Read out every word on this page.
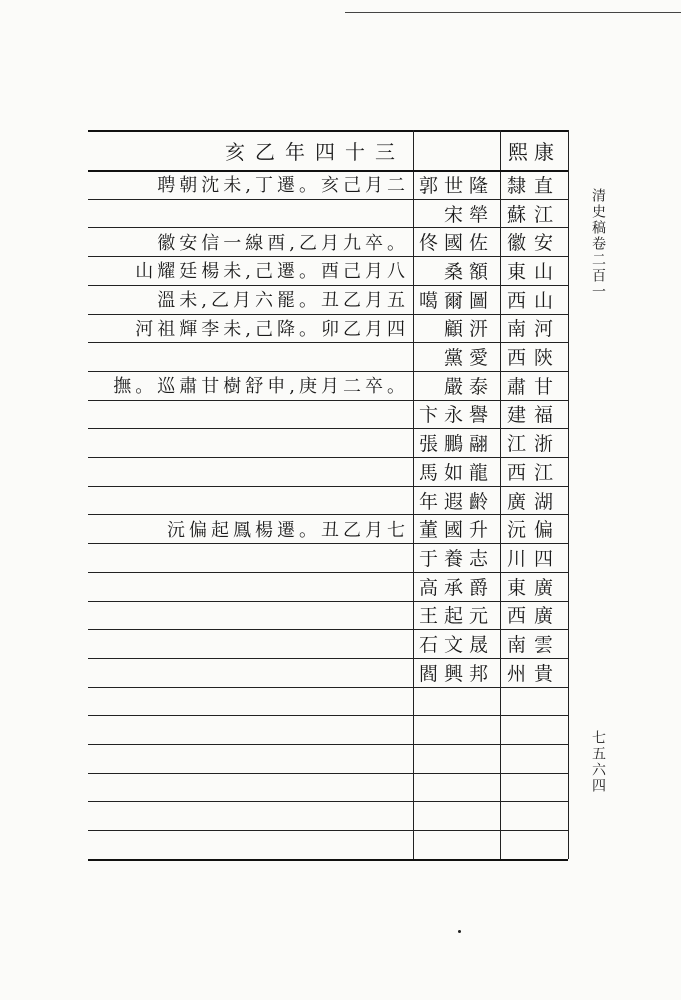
亥乙年四十三	熙康
隸直
郭世隆
聘朝沈未,丁遷。亥己月二
蘇江
宋犖
徽安
佟國佐
徽安信一線酉,乙月九卒。
東山
桑額
山耀廷楊未,己遷。酉己月八
西山
噶爾圖
溫未,乙月六罷。丑乙月五
南河
顧汧
河祖輝李未,己降。卯乙月四
西陝
黨愛
肅甘
嚴泰
撫。巡肅甘樹舒申,庚月二卒。
建福
卞永譽
江浙
張鵬翮
西江
馬如龍
廣湖
年遐齡
沅偏
董國升
沅偏起鳳楊遷。丑乙月七
川四
于養志
東廣
高承爵
西廣
王起元
南雲
石文晟
州貴
閻興邦
清史稿卷二百一
七五六四
